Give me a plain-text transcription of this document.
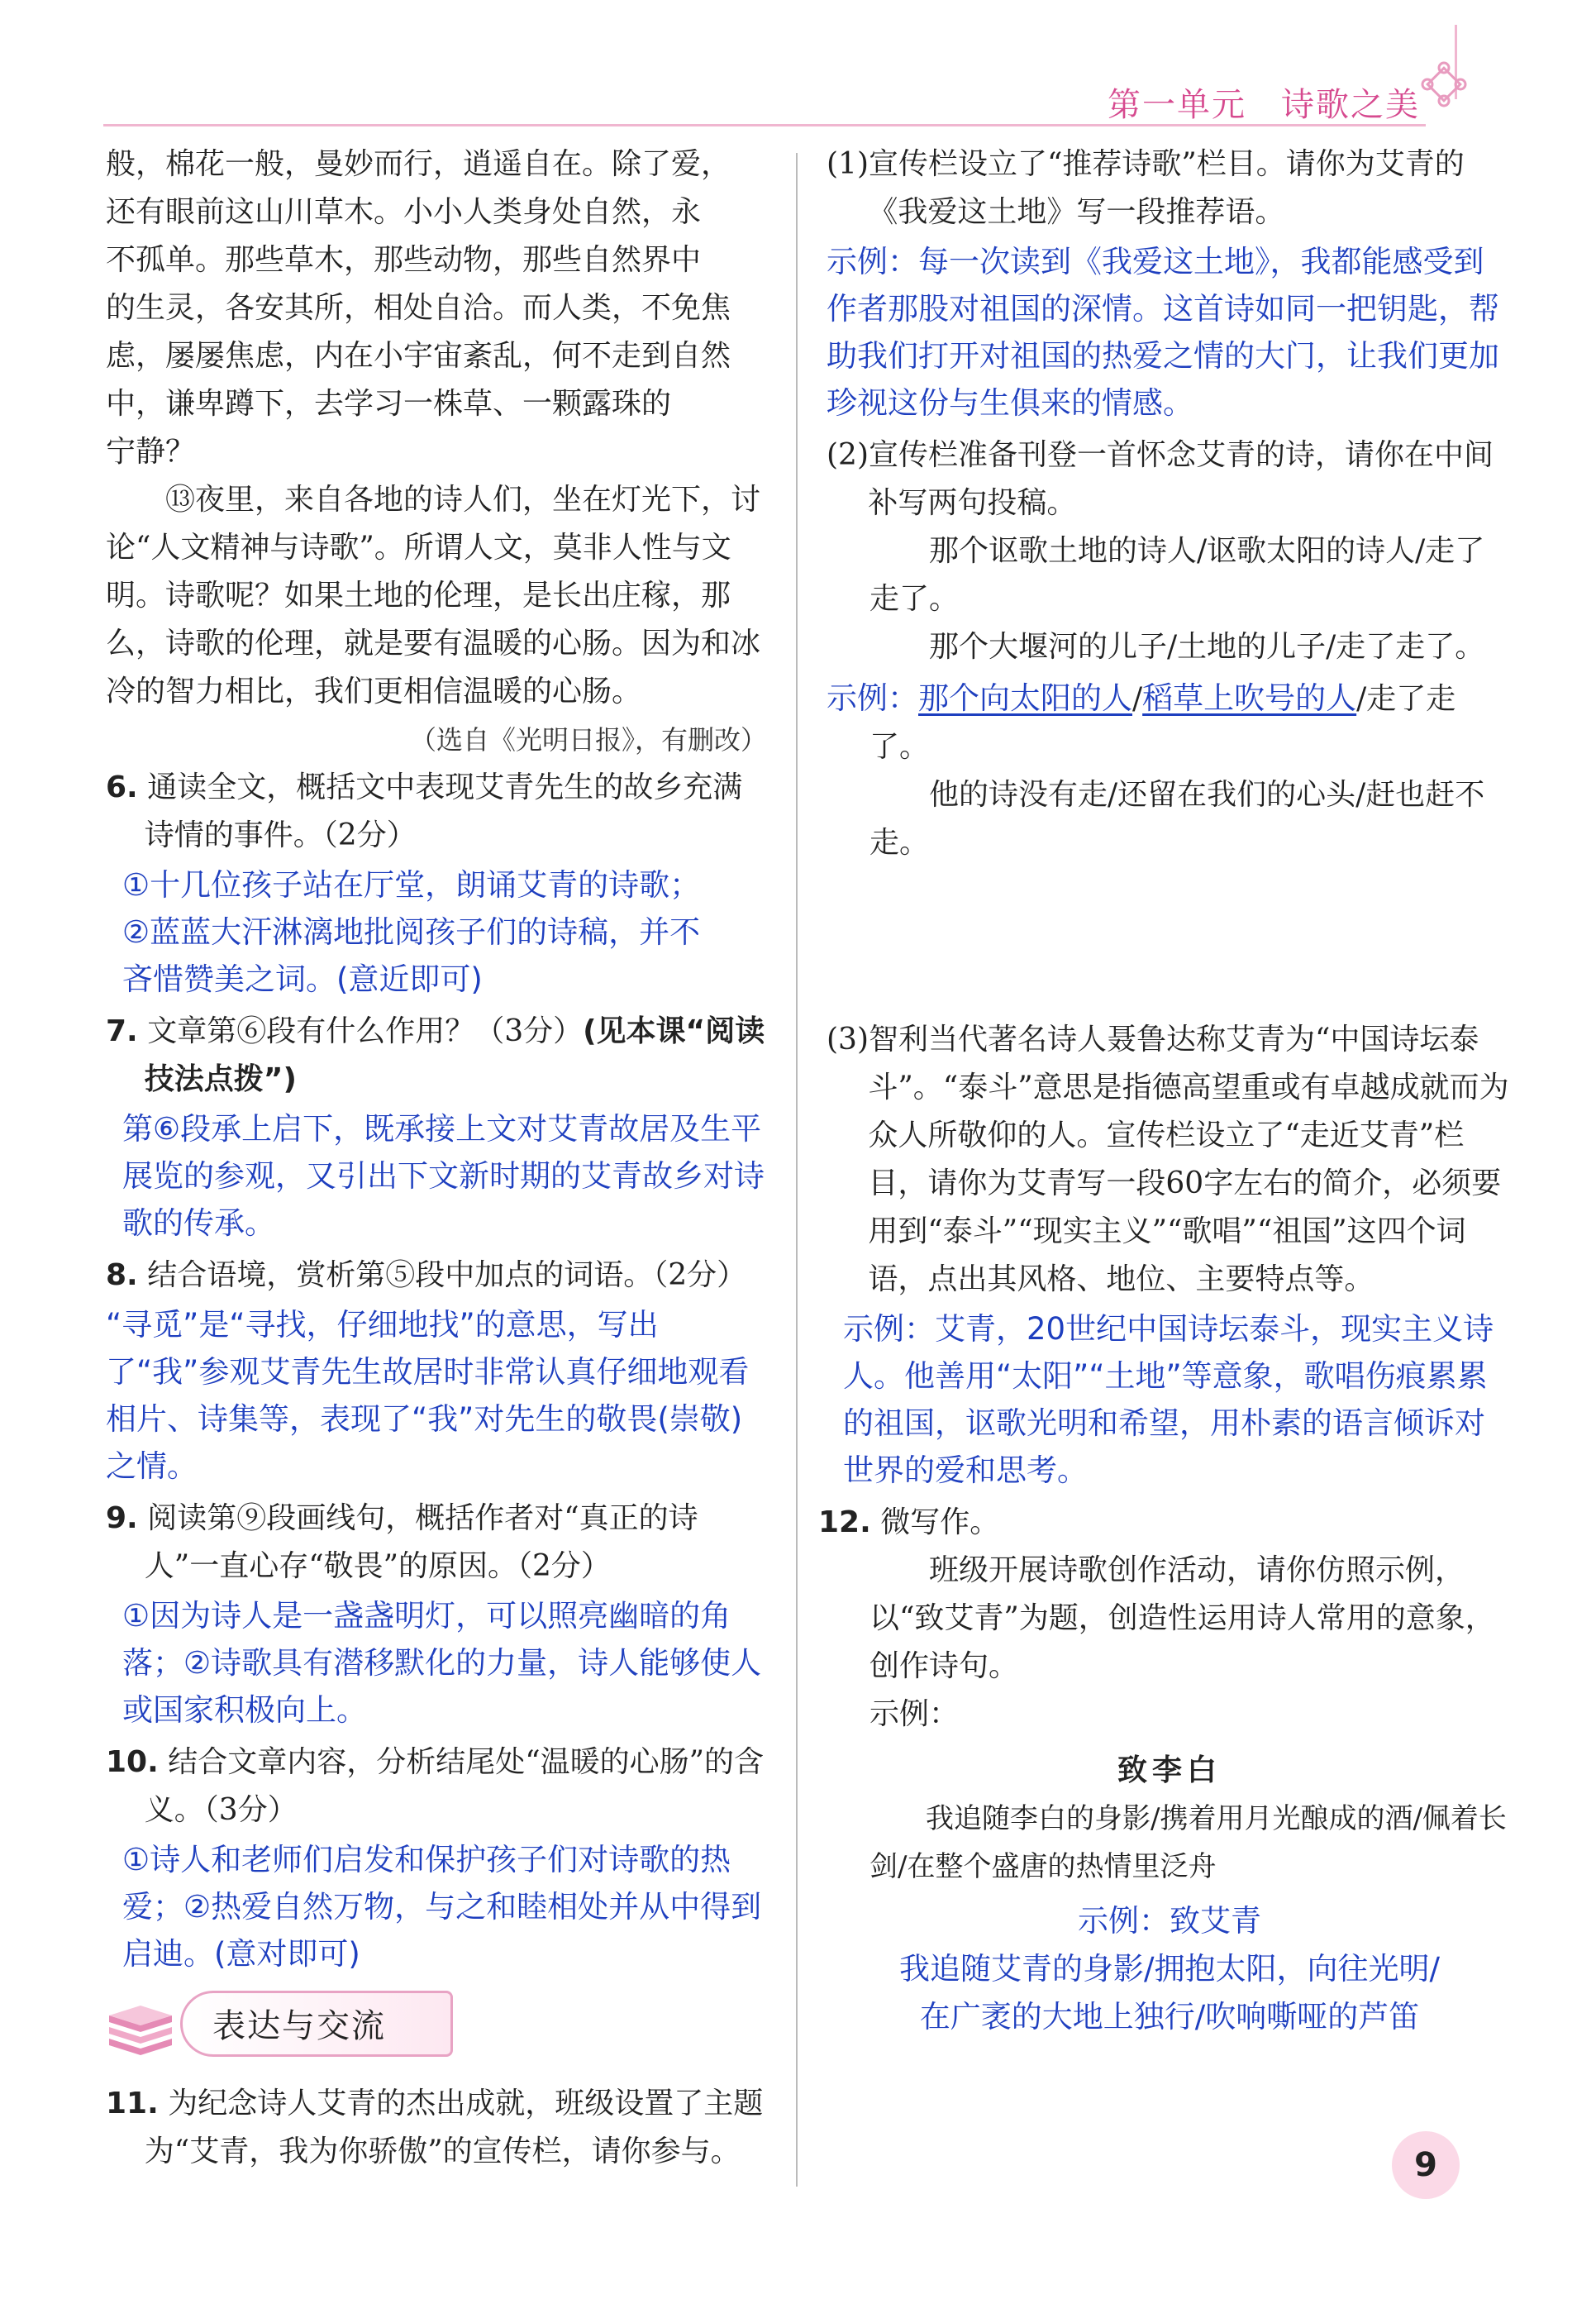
第一单元　诗歌之美

般，棉花一般，曼妙而行，逍遥自在。除了爱，

还有眼前这山川草木。小小人类身处自然，永

不孤单。那些草木，那些动物，那些自然界中

的生灵，各安其所，相处自洽。而人类，不免焦

虑，屡屡焦虑，内在小宇宙紊乱，何不走到自然

中，谦卑蹲下，去学习一株草、一颗露珠的

宁静？

⑬夜里，来自各地的诗人们，坐在灯光下，讨论“人文精神与诗歌”。所谓人文，莫非人性与文明。诗歌呢？如果土地的伦理，是长出庄稼，那么，诗歌的伦理，就是要有温暖的心肠。因为和冰冷的智力相比，我们更相信温暖的心肠。

（选自《光明日报》，有删改）

6. 通读全文，概括文中表现艾青先生的故乡充满诗情的事件。（2分）

①十几位孩子站在厅堂，朗诵艾青的诗歌；
②蓝蓝大汗淋漓地批阅孩子们的诗稿，并不
吝惜赞美之词。(意近即可)

7. 文章第⑥段有什么作用？（3分）(见本课“阅读技法点拨”)

第⑥段承上启下，既承接上文对艾青故居及生平展览的参观，又引出下文新时期的艾青故乡对诗歌的传承。

8. 结合语境，赏析第⑤段中加点的词语。（2分）

“寻觅”是“寻找，仔细地找”的意思，写出了“我”参观艾青先生故居时非常认真仔细地观看相片、诗集等，表现了“我”对先生的敬畏(崇敬)之情。

9. 阅读第⑨段画线句，概括作者对“真正的诗人”一直心存“敬畏”的原因。（2分）

①因为诗人是一盏盏明灯，可以照亮幽暗的角落；②诗歌具有潜移默化的力量，诗人能够使人或国家积极向上。

10. 结合文章内容，分析结尾处“温暖的心肠”的含义。（3分）

①诗人和老师们启发和保护孩子们对诗歌的热爱；②热爱自然万物，与之和睦相处并从中得到启迪。(意对即可)
表达与交流

11. 为纪念诗人艾青的杰出成就，班级设置了主题为“艾青，我为你骄傲”的宣传栏，请你参与。

(1)宣传栏设立了“推荐诗歌”栏目。请你为艾青的《我爱这土地》写一段推荐语。

示例：每一次读到《我爱这土地》，我都能感受到作者那股对祖国的深情。这首诗如同一把钥匙，帮助我们打开对祖国的热爱之情的大门，让我们更加珍视这份与生俱来的情感。

(2)宣传栏准备刊登一首怀念艾青的诗，请你在中间补写两句投稿。

那个讴歌土地的诗人/讴歌太阳的诗人/走了走了。

那个大堰河的儿子/土地的儿子/走了走了。

示例：那个向太阳的人/稻草上吹号的人/走了走了。

他的诗没有走/还留在我们的心头/赶也赶不走。

(3)智利当代著名诗人聂鲁达称艾青为“中国诗坛泰斗”。“泰斗”意思是指德高望重或有卓越成就而为众人所敬仰的人。宣传栏设立了“走近艾青”栏目，请你为艾青写一段60字左右的简介，必须要用到“泰斗”“现实主义”“歌唱”“祖国”这四个词语，点出其风格、地位、主要特点等。

示例：艾青，20世纪中国诗坛泰斗，现实主义诗人。他善用“太阳”“土地”等意象，歌唱伤痕累累的祖国，讴歌光明和希望，用朴素的语言倾诉对世界的爱和思考。

12. 微写作。

班级开展诗歌创作活动，请你仿照示例，以“致艾青”为题，创造性运用诗人常用的意象，创作诗句。

示例：

致李白

我追随李白的身影/携着用月光酿成的酒/佩着长剑/在整个盛唐的热情里泛舟

示例：致艾青

我追随艾青的身影/拥抱太阳，向往光明/

在广袤的大地上独行/吹响嘶哑的芦笛

9
